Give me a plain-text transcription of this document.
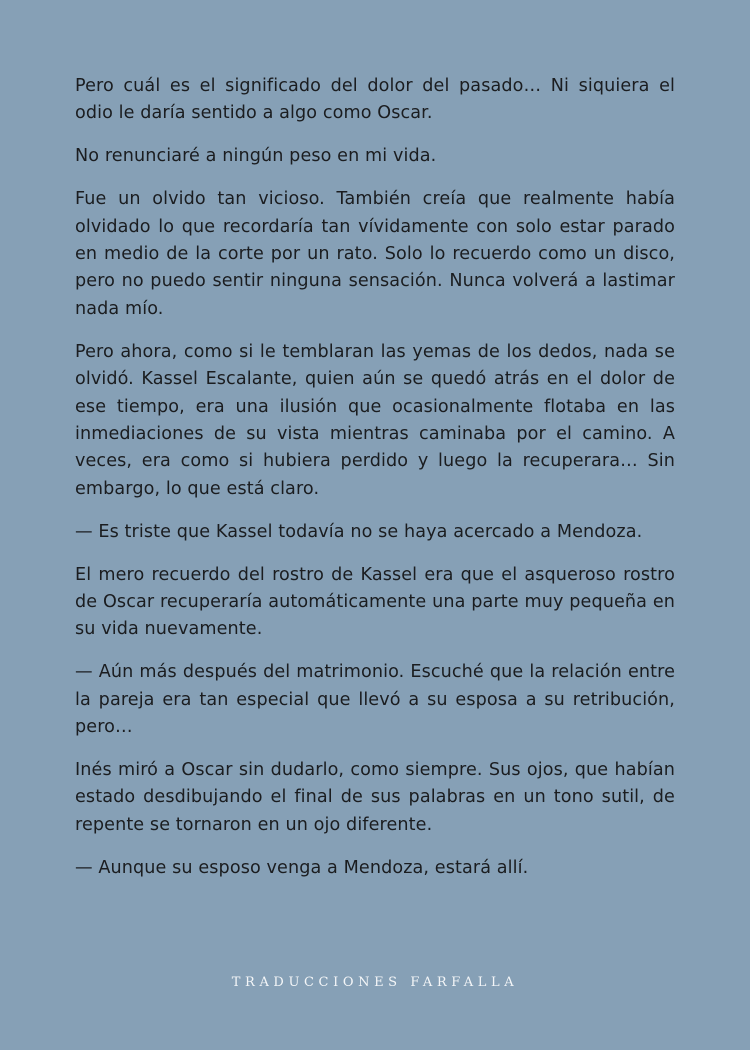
Pero cuál es el significado del dolor del pasado… Ni siquiera el odio le daría sentido a algo como Oscar.

No renunciaré a ningún peso en mi vida.

Fue un olvido tan vicioso. También creía que realmente había olvidado lo que recordaría tan vívidamente con solo estar parado en medio de la corte por un rato. Solo lo recuerdo como un disco, pero no puedo sentir ninguna sensación. Nunca volverá a lastimar nada mío.

Pero ahora, como si le temblaran las yemas de los dedos, nada se olvidó. Kassel Escalante, quien aún se quedó atrás en el dolor de ese tiempo, era una ilusión que ocasionalmente flotaba en las inmediaciones de su vista mientras caminaba por el camino. A veces, era como si hubiera perdido y luego la recuperara… Sin embargo, lo que está claro.

— Es triste que Kassel todavía no se haya acercado a Mendoza.

El mero recuerdo del rostro de Kassel era que el asqueroso rostro de Oscar recuperaría automáticamente una parte muy pequeña en su vida nuevamente.

— Aún más después del matrimonio. Escuché que la relación entre la pareja era tan especial que llevó a su esposa a su retribución, pero…

Inés miró a Oscar sin dudarlo, como siempre. Sus ojos, que habían estado desdibujando el final de sus palabras en un tono sutil, de repente se tornaron en un ojo diferente.

— Aunque su esposo venga a Mendoza, estará allí.

TRADUCCIONES FARFALLA
